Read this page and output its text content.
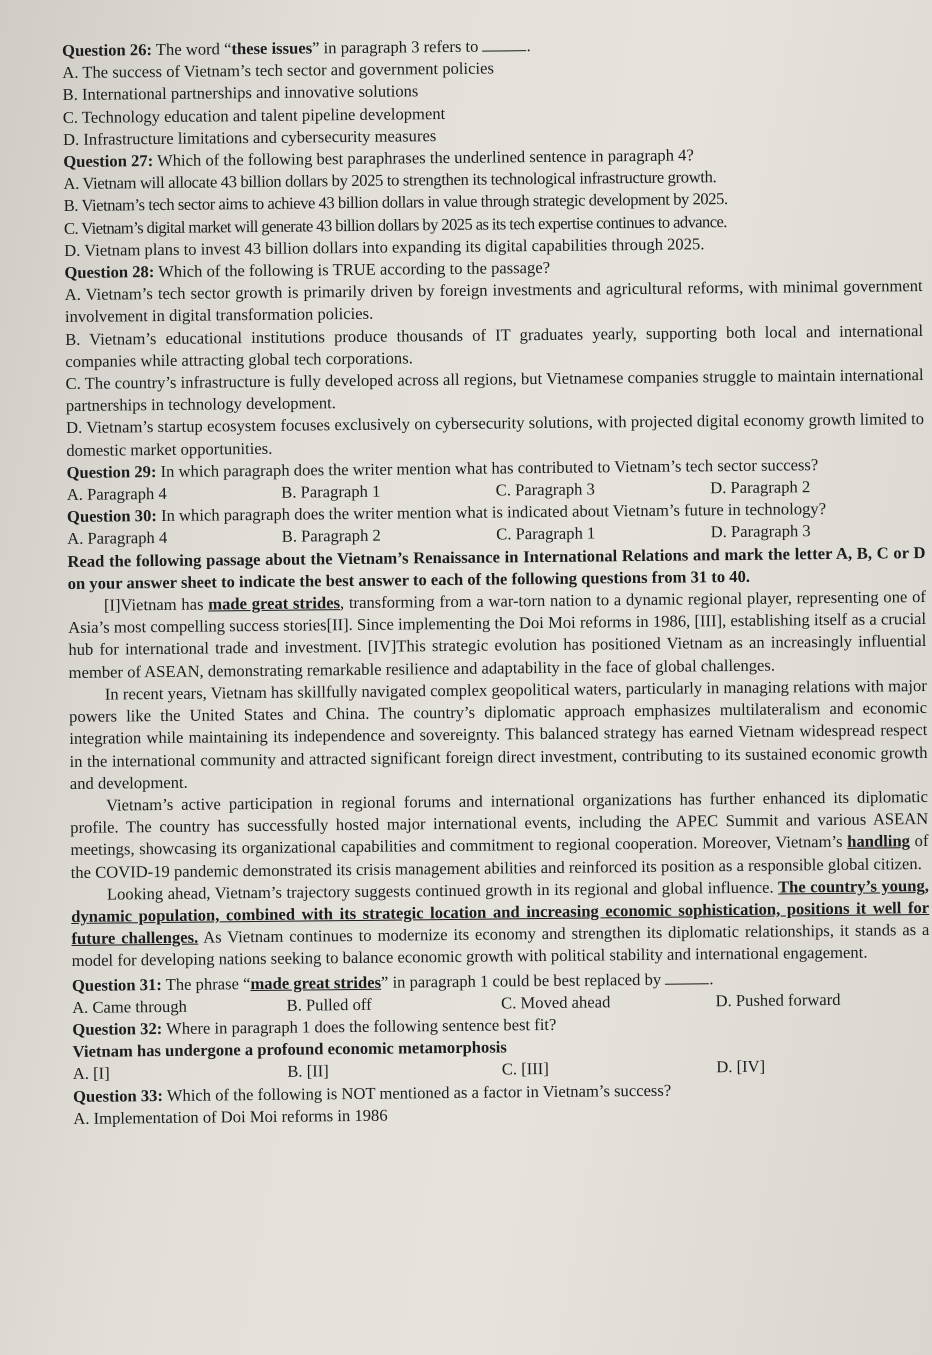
Question 26: The word “these issues” in paragraph 3 refers to	.
A. The success of Vietnam’s tech sector and government policies
B. International partnerships and innovative solutions
C. Technology education and talent pipeline development
D. Infrastructure limitations and cybersecurity measures
Question 27: Which of the following best paraphrases the underlined sentence in paragraph 4?
A. Vietnam will allocate 43 billion dollars by 2025 to strengthen its technological infrastructure growth.
B. Vietnam’s tech sector aims to achieve 43 billion dollars in value through strategic development by 2025.
C. Vietnam’s digital market will generate 43 billion dollars by 2025 as its tech expertise continues to advance.
D. Vietnam plans to invest 43 billion dollars into expanding its digital capabilities through 2025.
Question 28: Which of the following is TRUE according to the passage?

A. Vietnam’s tech sector growth is primarily driven by foreign investments and agricultural reforms, with minimal government involvement in digital transformation policies.

B. Vietnam’s educational institutions produce thousands of IT graduates yearly, supporting both local and international companies while attracting global tech corporations.

C. The country’s infrastructure is fully developed across all regions, but Vietnamese companies struggle to maintain international partnerships in technology development.

D. Vietnam’s startup ecosystem focuses exclusively on cybersecurity solutions, with projected digital economy growth limited to domestic market opportunities.

Question 29: In which paragraph does the writer mention what has contributed to Vietnam’s tech sector success?

A. Paragraph 4	B. Paragraph 1	C. Paragraph 3	D. Paragraph 2

Question 30: In which paragraph does the writer mention what is indicated about Vietnam’s future in technology?

A. Paragraph 4	B. Paragraph 2	C. Paragraph 1	D. Paragraph 3

Read the following passage about the Vietnam’s Renaissance in International Relations and mark the letter A, B, C or D on your answer sheet to indicate the best answer to each of the following questions from 31 to 40.

[I]Vietnam has made great strides, transforming from a war-torn nation to a dynamic regional player, representing one of Asia’s most compelling success stories[II]. Since implementing the Doi Moi reforms in 1986, [III], establishing itself as a crucial hub for international trade and investment. [IV]This strategic evolution has positioned Vietnam as an increasingly influential member of ASEAN, demonstrating remarkable resilience and adaptability in the face of global challenges.

In recent years, Vietnam has skillfully navigated complex geopolitical waters, particularly in managing relations with major powers like the United States and China. The country’s diplomatic approach emphasizes multilateralism and economic integration while maintaining its independence and sovereignty. This balanced strategy has earned Vietnam widespread respect in the international community and attracted significant foreign direct investment, contributing to its sustained economic growth and development.

Vietnam’s active participation in regional forums and international organizations has further enhanced its diplomatic profile. The country has successfully hosted major international events, including the APEC Summit and various ASEAN meetings, showcasing its organizational capabilities and commitment to regional cooperation. Moreover, Vietnam’s handling of the COVID-19 pandemic demonstrated its crisis management abilities and reinforced its position as a responsible global citizen.

Looking ahead, Vietnam’s trajectory suggests continued growth in its regional and global influence. The country’s young, dynamic population, combined with its strategic location and increasing economic sophistication, positions it well for future challenges. As Vietnam continues to modernize its economy and strengthen its diplomatic relationships, it stands as a model for developing nations seeking to balance economic growth with political stability and international engagement.

Question 31: The phrase “made great strides” in paragraph 1 could be best replaced by	.
A. Came through	B. Pulled off	C. Moved ahead	D. Pushed forward
Question 32: Where in paragraph 1 does the following sentence best fit?
Vietnam has undergone a profound economic metamorphosis
A. [I]	B. [II]	C. [III]	D. [IV]
Question 33: Which of the following is NOT mentioned as a factor in Vietnam’s success?
A. Implementation of Doi Moi reforms in 1986
